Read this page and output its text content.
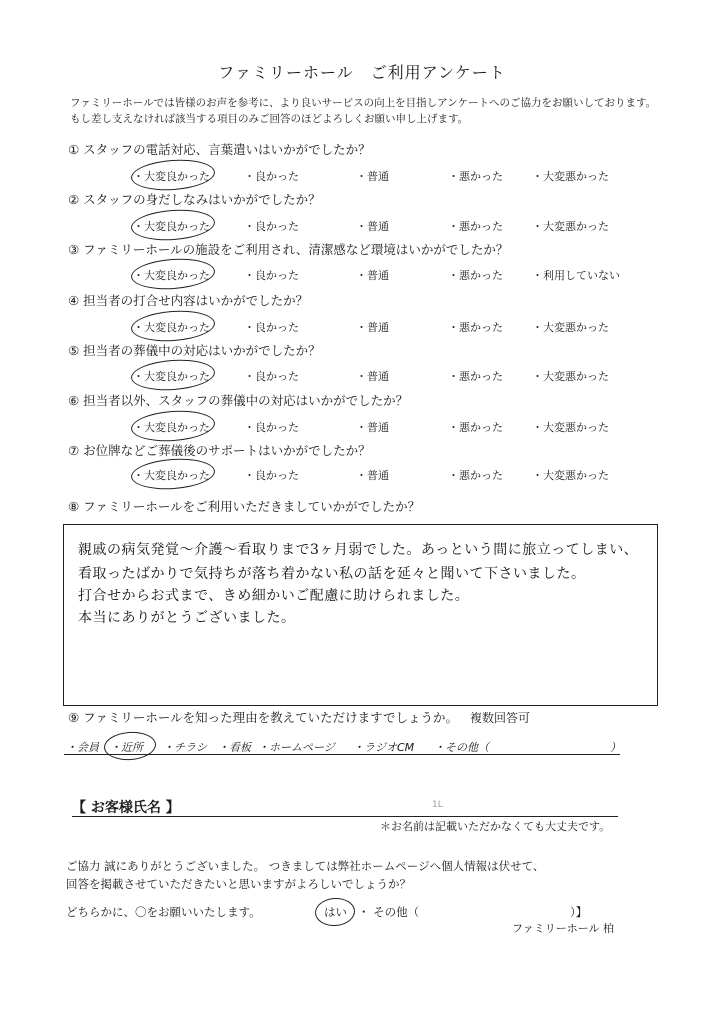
ファミリーホール　ご利用アンケート
ファミリーホールでは皆様のお声を参考に、より良いサービスの向上を目指しアンケートへのご協力をお願いしております。
もし差し支えなければ該当する項目のみご回答のほどよろしくお願い申し上げます。
① スタッフの電話対応、言葉遣いはいかがでしたか？
・大変良かった	・良かった	・普通	・悪かった	・大変悪かった
② スタッフの身だしなみはいかがでしたか？
・大変良かった	・良かった	・普通	・悪かった	・大変悪かった
③ ファミリーホールの施設をご利用され、清潔感など環境はいかがでしたか？
・大変良かった	・良かった	・普通	・悪かった	・利用していない
④ 担当者の打合せ内容はいかがでしたか？
・大変良かった	・良かった	・普通	・悪かった	・大変悪かった
⑤ 担当者の葬儀中の対応はいかがでしたか？
・大変良かった	・良かった	・普通	・悪かった	・大変悪かった
⑥ 担当者以外、スタッフの葬儀中の対応はいかがでしたか？
・大変良かった	・良かった	・普通	・悪かった	・大変悪かった
⑦ お位牌などご葬儀後のサポートはいかがでしたか？
・大変良かった	・良かった	・普通	・悪かった	・大変悪かった
⑧ ファミリーホールをご利用いただきましていかがでしたか？
親戚の病気発覚〜介護〜看取りまで3ヶ月弱でした。あっという間に旅立ってしまい、
看取ったばかりで気持ちが落ち着かない私の話を延々と聞いて下さいました。
打合せからお式まで、きめ細かいご配慮に助けられました。
本当にありがとうございました。
⑨ ファミリーホールを知った理由を教えていただけますでしょうか。 複数回答可
・会員 ・近所 ・チラシ ・看板 ・ホームページ ・ラジオCM ・その他（	）
【 お客様氏名 】	1L
＊お名前は記載いただかなくても大丈夫です。
ご協力 誠にありがとうございました。 つきましては弊社ホームページへ個人情報は伏せて、
回答を掲載させていただきたいと思いますがよろしいでしょうか？
どちらかに、〇をお願いいたします。	はい ・ その他（	）】
ファミリーホール 柏
